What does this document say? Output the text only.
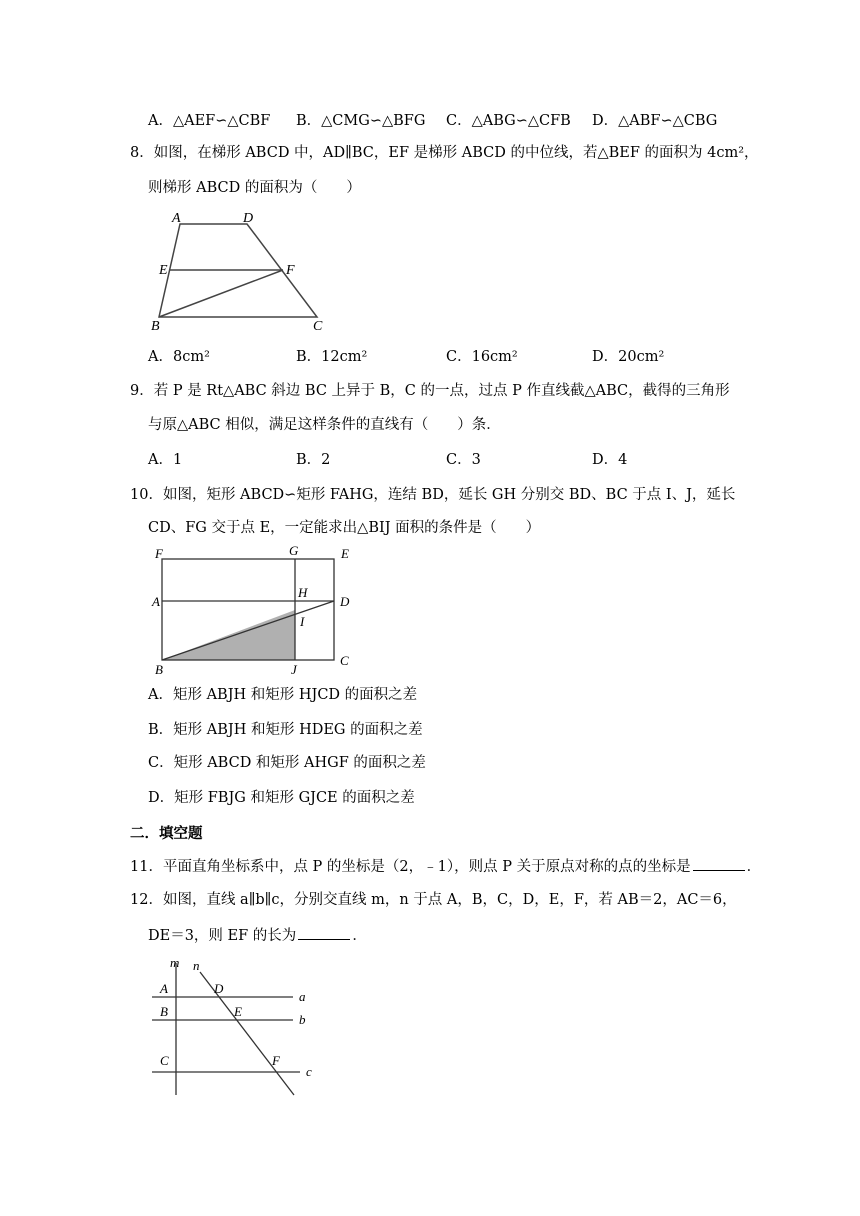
A．△AEF∽△CBF B．△CMG∽△BFG C．△ABG∽△CFB D．△ABF∽△CBG
8．如图，在梯形 ABCD 中，AD∥BC，EF 是梯形 ABCD 的中位线，若△BEF 的面积为 4cm²，
则梯形 ABCD 的面积为（　　）
A	D
E	F
B	C
A．8cm²	B．12cm²	C．16cm²	D．20cm²
9．若 P 是 Rt△ABC 斜边 BC 上异于 B，C 的一点，过点 P 作直线截△ABC，截得的三角形
与原△ABC 相似，满足这样条件的直线有（　　）条．
A．1	B．2	C．3	D．4
10．如图，矩形 ABCD∽矩形 FAHG，连结 BD，延长 GH 分别交 BD、BC 于点 I、J，延长
CD、FG 交于点 E，一定能求出△BIJ 面积的条件是（　　）
F	G	E
A
H
D
I
B	J
C
A．矩形 ABJH 和矩形 HJCD 的面积之差
B．矩形 ABJH 和矩形 HDEG 的面积之差
C．矩形 ABCD 和矩形 AHGF 的面积之差
D．矩形 FBJG 和矩形 GJCE 的面积之差
二．填空题
11．平面直角坐标系中，点 P 的坐标是（2，﹣1），则点 P 关于原点对称的点的坐标是	．
12．如图，直线 a∥b∥c，分别交直线 m，n 于点 A，B，C，D，E，F，若 AB＝2，AC＝6，
DE＝3，则 EF 的长为	．
m n
A	D
a
B	E
b
C	F
c
